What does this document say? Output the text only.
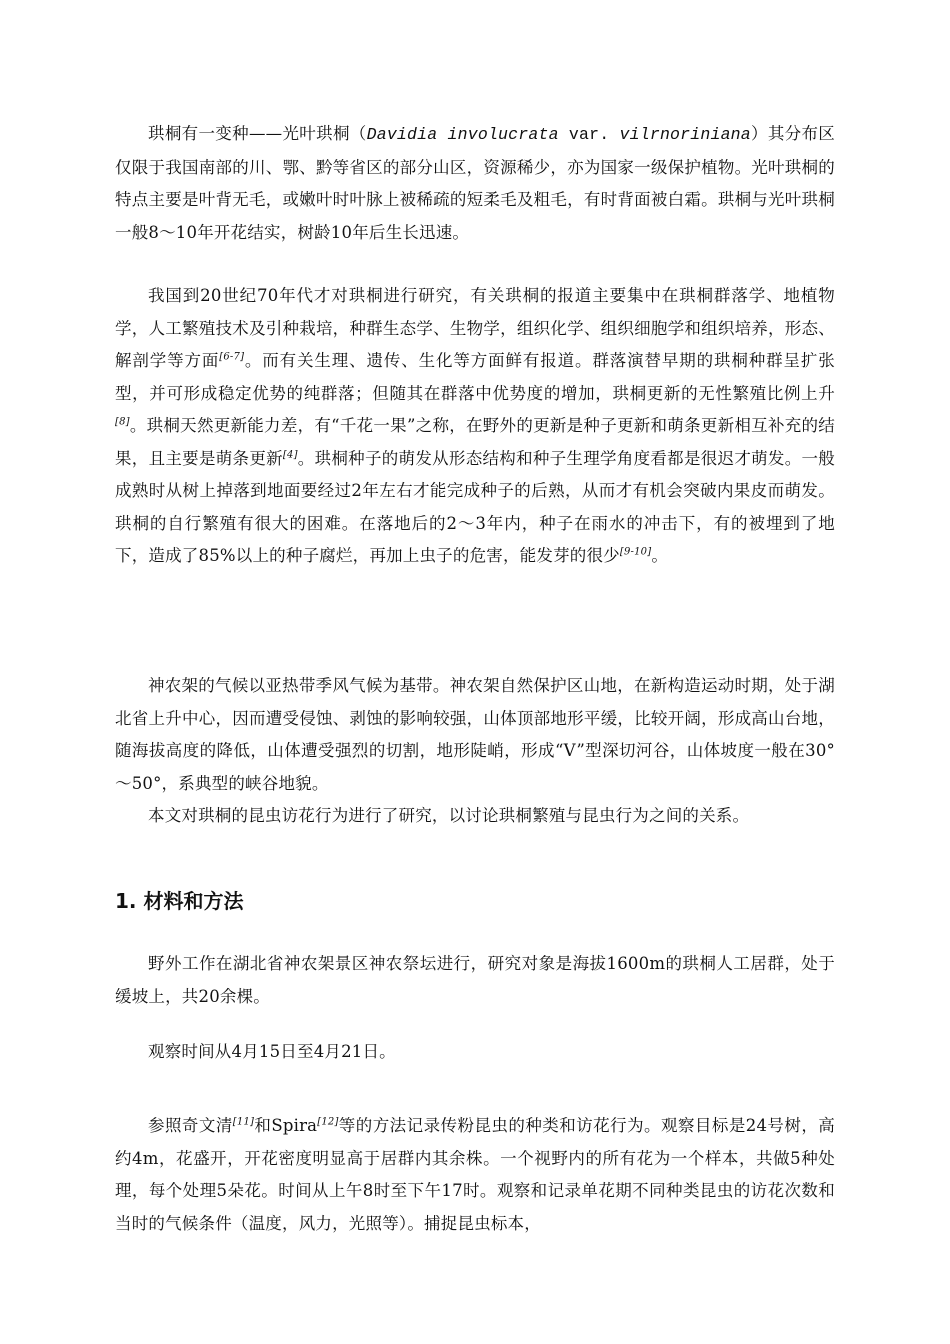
珙桐有一变种——光叶珙桐（Davidia involucrata var. vilrnoriniana）其分布区仅限于我国南部的川、鄂、黔等省区的部分山区，资源稀少，亦为国家一级保护植物。光叶珙桐的特点主要是叶背无毛，或嫩叶时叶脉上被稀疏的短柔毛及粗毛，有时背面被白霜。珙桐与光叶珙桐一般8～10年开花结实，树龄10年后生长迅速。

我国到20世纪70年代才对珙桐进行研究，有关珙桐的报道主要集中在珙桐群落学、地植物学，人工繁殖技术及引种栽培，种群生态学、生物学，组织化学、组织细胞学和组织培养，形态、解剖学等方面[6-7]。而有关生理、遗传、生化等方面鲜有报道。群落演替早期的珙桐种群呈扩张型，并可形成稳定优势的纯群落；但随其在群落中优势度的增加，珙桐更新的无性繁殖比例上升[8]。珙桐天然更新能力差，有“千花一果”之称，在野外的更新是种子更新和萌条更新相互补充的结果，且主要是萌条更新[4]。珙桐种子的萌发从形态结构和种子生理学角度看都是很迟才萌发。一般成熟时从树上掉落到地面要经过2年左右才能完成种子的后熟，从而才有机会突破内果皮而萌发。珙桐的自行繁殖有很大的困难。在落地后的2～3年内，种子在雨水的冲击下，有的被埋到了地下，造成了85%以上的种子腐烂，再加上虫子的危害，能发芽的很少[9-10]。

神农架的气候以亚热带季风气候为基带。神农架自然保护区山地，在新构造运动时期，处于湖北省上升中心，因而遭受侵蚀、剥蚀的影响较强，山体顶部地形平缓，比较开阔，形成高山台地，随海拔高度的降低，山体遭受强烈的切割，地形陡峭，形成“V”型深切河谷，山体坡度一般在30°～50°，系典型的峡谷地貌。

本文对珙桐的昆虫访花行为进行了研究，以讨论珙桐繁殖与昆虫行为之间的关系。

1. 材料和方法

野外工作在湖北省神农架景区神农祭坛进行，研究对象是海拔1600m的珙桐人工居群，处于缓坡上，共20余棵。

观察时间从4月15日至4月21日。

参照奇文清[11]和Spira[12]等的方法记录传粉昆虫的种类和访花行为。观察目标是24号树，高约4m，花盛开，开花密度明显高于居群内其余株。一个视野内的所有花为一个样本，共做5种处理，每个处理5朵花。时间从上午8时至下午17时。观察和记录单花期不同种类昆虫的访花次数和当时的气候条件（温度，风力，光照等）。捕捉昆虫标本，
